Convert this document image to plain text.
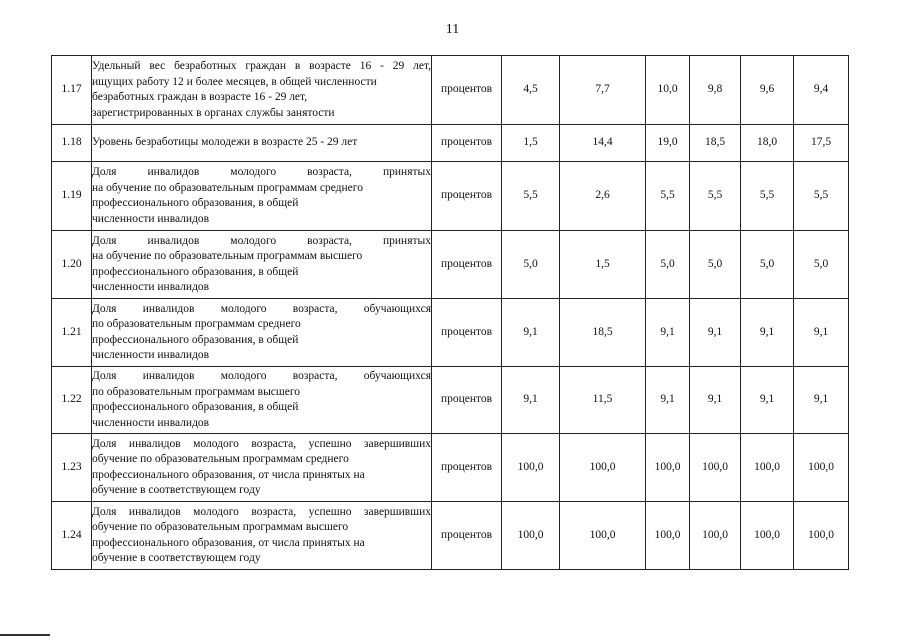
11
1.17	Удельный вес безработных граждан в возрасте 16 - 29 лет,
ищущих работу 12 и более месяцев, в общей численности
безработных граждан в возрасте 16 - 29 лет,
зарегистрированных в органах службы занятости	процентов	4,5	7,7	10,0	9,8	9,6	9,4
1.18	Уровень безработицы молодежи в возрасте 25 - 29 лет	процентов	1,5	14,4	19,0	18,5	18,0	17,5
1.19	Доля инвалидов молодого возраста, принятых
на обучение по образовательным программам среднего
профессионального образования, в общей
численности инвалидов	процентов	5,5	2,6	5,5	5,5	5,5	5,5
1.20	Доля инвалидов молодого возраста, принятых
на обучение по образовательным программам высшего
профессионального образования, в общей
численности инвалидов	процентов	5,0	1,5	5,0	5,0	5,0	5,0
1.21	Доля инвалидов молодого возраста, обучающихся
по образовательным программам среднего
профессионального образования, в общей
численности инвалидов	процентов	9,1	18,5	9,1	9,1	9,1	9,1
1.22	Доля инвалидов молодого возраста, обучающихся
по образовательным программам высшего
профессионального образования, в общей
численности инвалидов	процентов	9,1	11,5	9,1	9,1	9,1	9,1
1.23	Доля инвалидов молодого возраста, успешно завершивших
обучение по образовательным программам среднего
профессионального образования, от числа принятых на
обучение в соответствующем году	процентов	100,0	100,0	100,0	100,0	100,0	100,0
1.24	Доля инвалидов молодого возраста, успешно завершивших
обучение по образовательным программам высшего
профессионального образования, от числа принятых на
обучение в соответствующем году	процентов	100,0	100,0	100,0	100,0	100,0	100,0
